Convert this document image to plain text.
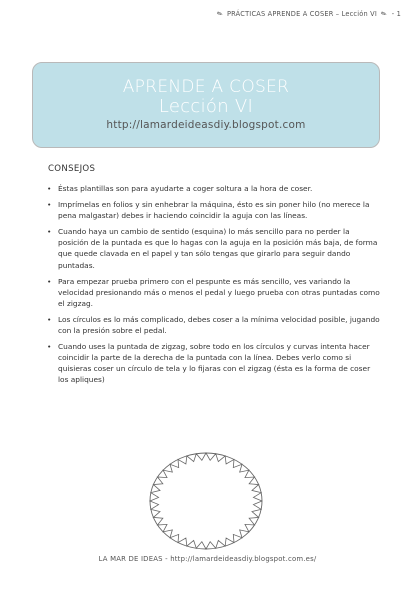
✎ PRÁCTICAS APRENDE A COSER – Lección VI ✎ - 1
APRENDE A COSER
Lección VI
http://lamardeideasdiy.blogspot.com
CONSEJOS
• Éstas plantillas son para ayudarte a coger soltura a la hora de coser.
• Imprímelas en folios y sin enhebrar la máquina, ésto es sin poner hilo (no merece la pena malgastar) debes ir haciendo coincidir la aguja con las líneas.
• Cuando haya un cambio de sentido (esquina) lo más sencillo para no perder la posición de la puntada es que lo hagas con la aguja en la posición más baja, de forma que quede clavada en el papel y tan sólo tengas que girarlo para seguir dando puntadas.
• Para empezar prueba primero con el pespunte es más sencillo, ves variando la velocidad presionando más o menos el pedal y luego prueba con otras puntadas como el zigzag.
• Los círculos es lo más complicado, debes coser a la mínima velocidad posible, jugando con la presión sobre el pedal.
• Cuando uses la puntada de zigzag, sobre todo en los círculos y curvas intenta hacer coincidir la parte de la derecha de la puntada con la línea. Debes verlo como si quisieras coser un círculo de tela y lo fijaras con el zigzag (ésta es la forma de coser los apliques)
LA MAR DE IDEAS - http://lamardeideasdiy.blogspot.com.es/
